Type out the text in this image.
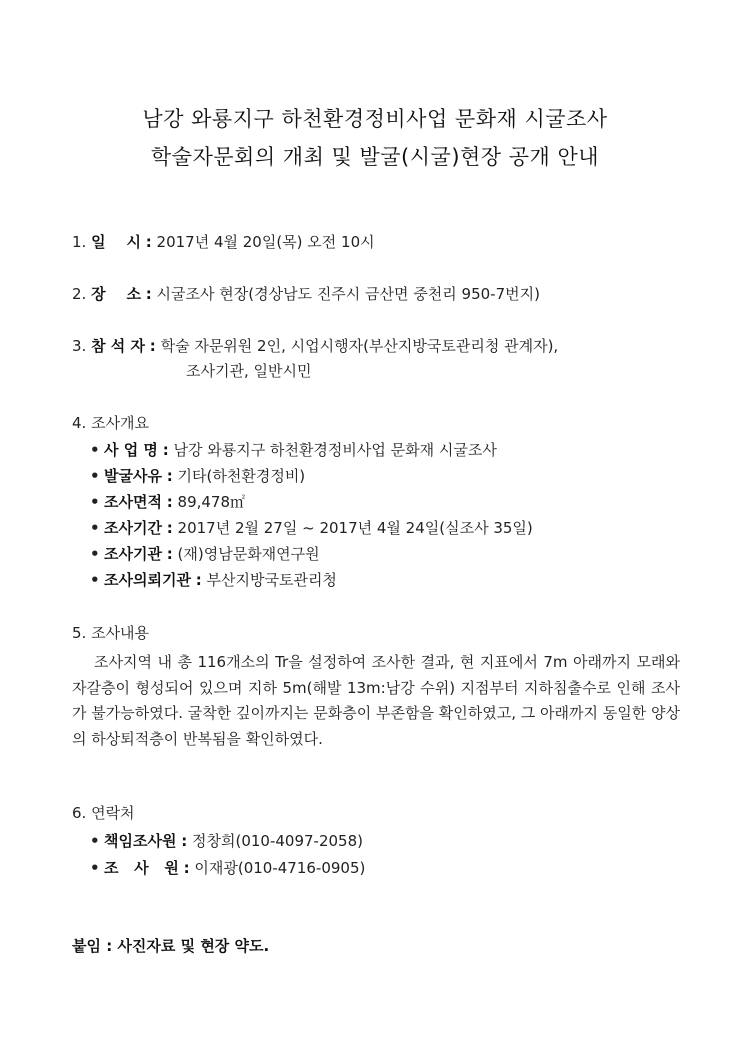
남강 와룡지구 하천환경정비사업 문화재 시굴조사
학술자문회의 개최 및 발굴(시굴)현장 공개 안내
1. 일    시 : 2017년 4월 20일(목) 오전 10시
2. 장    소 : 시굴조사 현장(경상남도 진주시 금산면 중천리 950-7번지)
3. 참 석 자 : 학술 자문위원 2인, 시업시행자(부산지방국토관리청 관계자),
조사기관, 일반시민
4. 조사개요
• 사 업 명 : 남강 와룡지구 하천환경정비사업 문화재 시굴조사
• 발굴사유 : 기타(하천환경정비)
• 조사면적 : 89,478㎡
• 조사기간 : 2017년 2월 27일 ~ 2017년 4월 24일(실조사 35일)
• 조사기관 : (재)영남문화재연구원
• 조사의뢰기관 : 부산지방국토관리청
5. 조사내용
조사지역 내 총 116개소의 Tr을 설정하여 조사한 결과, 현 지표에서 7m 아래까지 모래와 자갈층이 형성되어 있으며 지하 5m(해발 13m:남강 수위) 지점부터 지하침출수로 인해 조사가 불가능하였다. 굴착한 깊이까지는 문화층이 부존함을 확인하였고, 그 아래까지 동일한 양상의 하상퇴적층이 반복됨을 확인하였다.
6. 연락처
• 책임조사원 : 정창희(010-4097-2058)
• 조   사   원 : 이재광(010-4716-0905)
붙임 : 사진자료 및 현장 약도.
